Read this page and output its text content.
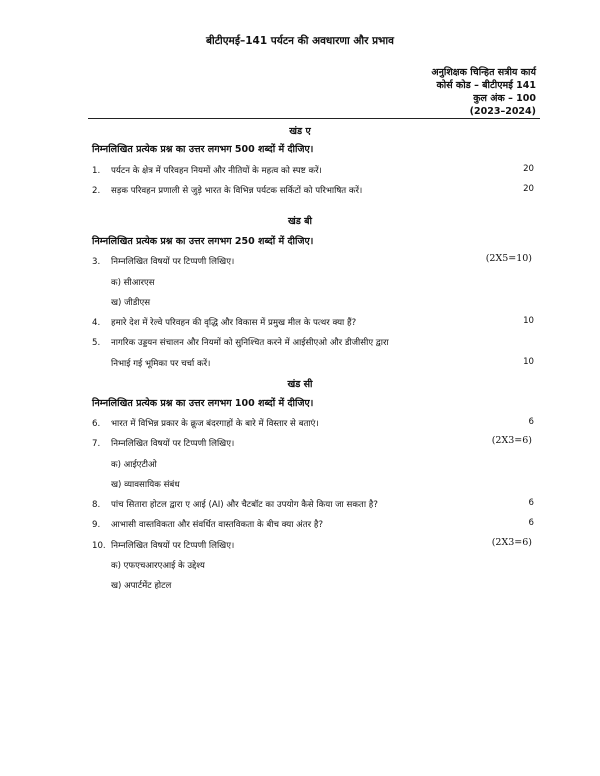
बीटीएमई–141 पर्यटन की अवधारणा और प्रभाव
अनुशिक्षक चिन्हित सत्रीय कार्य
कोर्स कोड – बीटीएमई 141
कुल अंक – 100
(2023–2024)
खंड ए
निम्नलिखित प्रत्येक प्रश्न का उत्तर लगभग 500 शब्दों में दीजिए।
1. पर्यटन के क्षेत्र में परिवहन नियमों और नीतियों के महत्व को स्पष्ट करें।	20
2. सड़क परिवहन प्रणाली से जुड़े भारत के विभिन्न पर्यटक सर्किटों को परिभाषित करें।	20
खंड बी
निम्नलिखित प्रत्येक प्रश्न का उत्तर लगभग 250 शब्दों में दीजिए।
3. निम्नलिखित विषयों पर टिप्पणी लिखिए।	(2X5=10)
क) सीआरएस
ख) जीडीएस
4. हमारे देश में रेल्वे परिवहन की वृद्धि और विकास में प्रमुख मील के पत्थर क्या हैं?	10
5. नागरिक उड्डयन संचालन और नियमों को सुनिश्चित करने में आईसीएओ और डीजीसीए द्वारा
निभाई गई भूमिका पर चर्चा करें।	10
खंड सी
निम्नलिखित प्रत्येक प्रश्न का उत्तर लगभग 100 शब्दों में दीजिए।
6. भारत में विभिन्न प्रकार के क्रूज बंदरगाहों के बारे में विस्तार से बताएं।	6
7. निम्नलिखित विषयों पर टिप्पणी लिखिए।	(2X3=6)
क) आईएटीओ
ख) व्यावसायिक संबंध
8. पांच सितारा होटल द्वारा ए आई (AI) और चैटबॉट का उपयोग कैसे किया जा सकता है?	6
9. आभासी वास्तविकता और संवर्धित वास्तविकता के बीच क्या अंतर है?	6
10. निम्नलिखित विषयों पर टिप्पणी लिखिए।	(2X3=6)
क) एफएचआरएआई के उद्देश्य
ख) अपार्टमेंट होटल
